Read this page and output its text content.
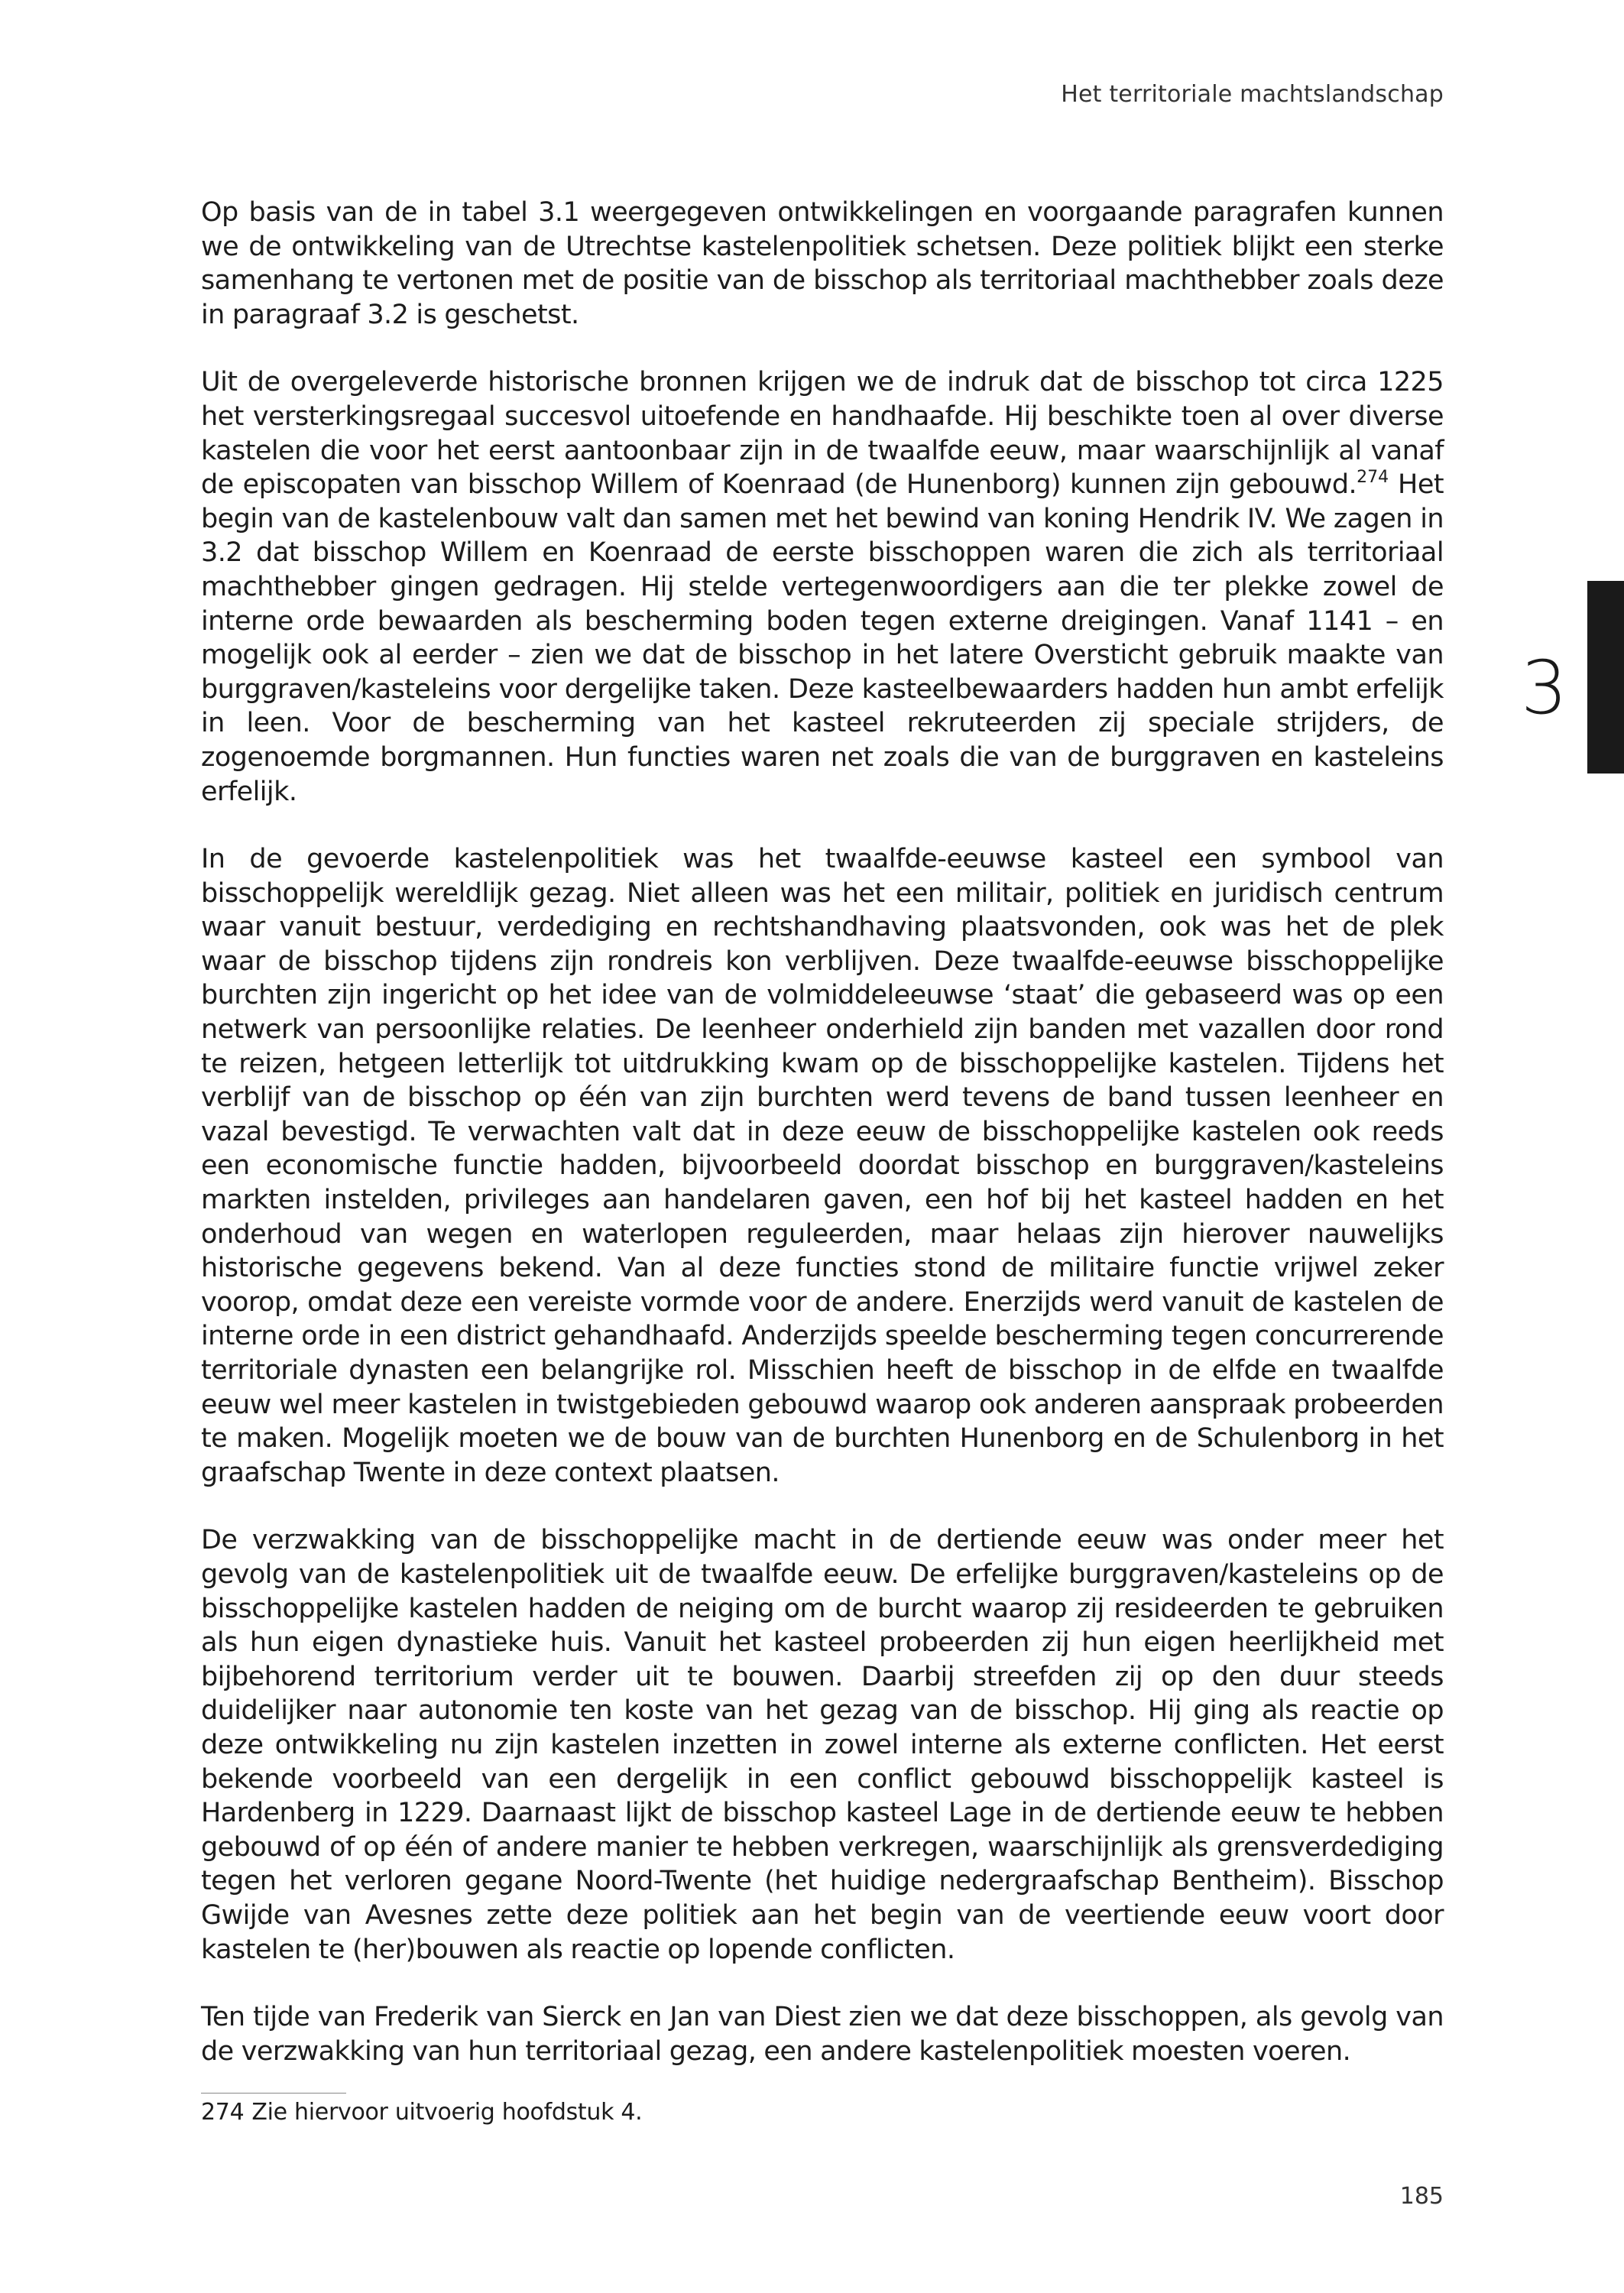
Het territoriale machtslandschap
3

Op basis van de in tabel 3.1 weergegeven ontwikkelingen en voorgaande paragrafen kunnen we de ontwikkeling van de Utrechtse kastelenpolitiek schetsen. Deze politiek blijkt een sterke samenhang te vertonen met de positie van de bisschop als territoriaal machthebber zoals deze in paragraaf 3.2 is geschetst.

Uit de overgeleverde historische bronnen krijgen we de indruk dat de bisschop tot circa 1225 het versterkingsregaal succesvol uitoefende en handhaafde. Hij beschikte toen al over diverse kastelen die voor het eerst aantoonbaar zijn in de twaalfde eeuw, maar waarschijnlijk al vanaf de episcopaten van bisschop Willem of Koenraad (de Hunenborg) kunnen zijn gebouwd.$^{274}$ Het begin van de kastelenbouw valt dan samen met het bewind van koning Hendrik IV. We zagen in 3.2 dat bisschop Willem en Koenraad de eerste bisschoppen waren die zich als territoriaal machthebber gingen gedragen. Hij stelde vertegenwoordigers aan die ter plekke zowel de interne orde bewaarden als bescherming boden tegen externe dreigingen. Vanaf 1141 – en mogelijk ook al eerder – zien we dat de bisschop in het latere Oversticht gebruik maakte van burggraven/kasteleins voor dergelijke taken. Deze kasteelbewaarders hadden hun ambt erfelijk in leen. Voor de bescherming van het kasteel rekruteerden zij speciale strijders, de zogenoemde borgmannen. Hun functies waren net zoals die van de burggraven en kasteleins erfelijk.

In de gevoerde kastelenpolitiek was het twaalfde-eeuwse kasteel een symbool van bisschoppelijk wereldlijk gezag. Niet alleen was het een militair, politiek en juridisch centrum waar vanuit bestuur, verdediging en rechtshandhaving plaatsvonden, ook was het de plek waar de bisschop tijdens zijn rondreis kon verblijven. Deze twaalfde-eeuwse bisschoppelijke burchten zijn ingericht op het idee van de volmiddeleeuwse ‘staat’ die gebaseerd was op een netwerk van persoonlijke relaties. De leenheer onderhield zijn banden met vazallen door rond te reizen, hetgeen letterlijk tot uitdrukking kwam op de bisschoppelijke kastelen. Tijdens het verblijf van de bisschop op één van zijn burchten werd tevens de band tussen leenheer en vazal bevestigd. Te verwachten valt dat in deze eeuw de bisschoppelijke kastelen ook reeds een economische functie hadden, bijvoorbeeld doordat bisschop en burggraven/kasteleins markten instelden, privileges aan handelaren gaven, een hof bij het kasteel hadden en het onderhoud van wegen en waterlopen reguleerden, maar helaas zijn hierover nauwelijks historische gegevens bekend. Van al deze functies stond de militaire functie vrijwel zeker voorop, omdat deze een vereiste vormde voor de andere. Enerzijds werd vanuit de kastelen de interne orde in een district gehandhaafd. Anderzijds speelde bescherming tegen concurrerende territoriale dynasten een belangrijke rol. Misschien heeft de bisschop in de elfde en twaalfde eeuw wel meer kastelen in twistgebieden gebouwd waarop ook anderen aanspraak probeerden te maken. Mogelijk moeten we de bouw van de burchten Hunenborg en de Schulenborg in het graafschap Twente in deze context plaatsen.

De verzwakking van de bisschoppelijke macht in de dertiende eeuw was onder meer het gevolg van de kastelenpolitiek uit de twaalfde eeuw. De erfelijke burggraven/kasteleins op de bisschoppelijke kastelen hadden de neiging om de burcht waarop zij resideerden te gebruiken als hun eigen dynastieke huis. Vanuit het kasteel probeerden zij hun eigen heerlijkheid met bijbehorend territorium verder uit te bouwen. Daarbij streefden zij op den duur steeds duidelijker naar autonomie ten koste van het gezag van de bisschop. Hij ging als reactie op deze ontwikkeling nu zijn kastelen inzetten in zowel interne als externe conflicten. Het eerst bekende voorbeeld van een dergelijk in een conflict gebouwd bisschoppelijk kasteel is Hardenberg in 1229. Daarnaast lijkt de bisschop kasteel Lage in de dertiende eeuw te hebben gebouwd of op één of andere manier te hebben verkregen, waarschijnlijk als grensverdediging tegen het verloren gegane Noord-Twente (het huidige nedergraafschap Bentheim). Bisschop Gwijde van Avesnes zette deze politiek aan het begin van de veertiende eeuw voort door kastelen te (her)bouwen als reactie op lopende conflicten.

Ten tijde van Frederik van Sierck en Jan van Diest zien we dat deze bisschoppen, als gevolg van de verzwakking van hun territoriaal gezag, een andere kastelenpolitiek moesten voeren.

274 Zie hiervoor uitvoerig hoofdstuk 4.
185
